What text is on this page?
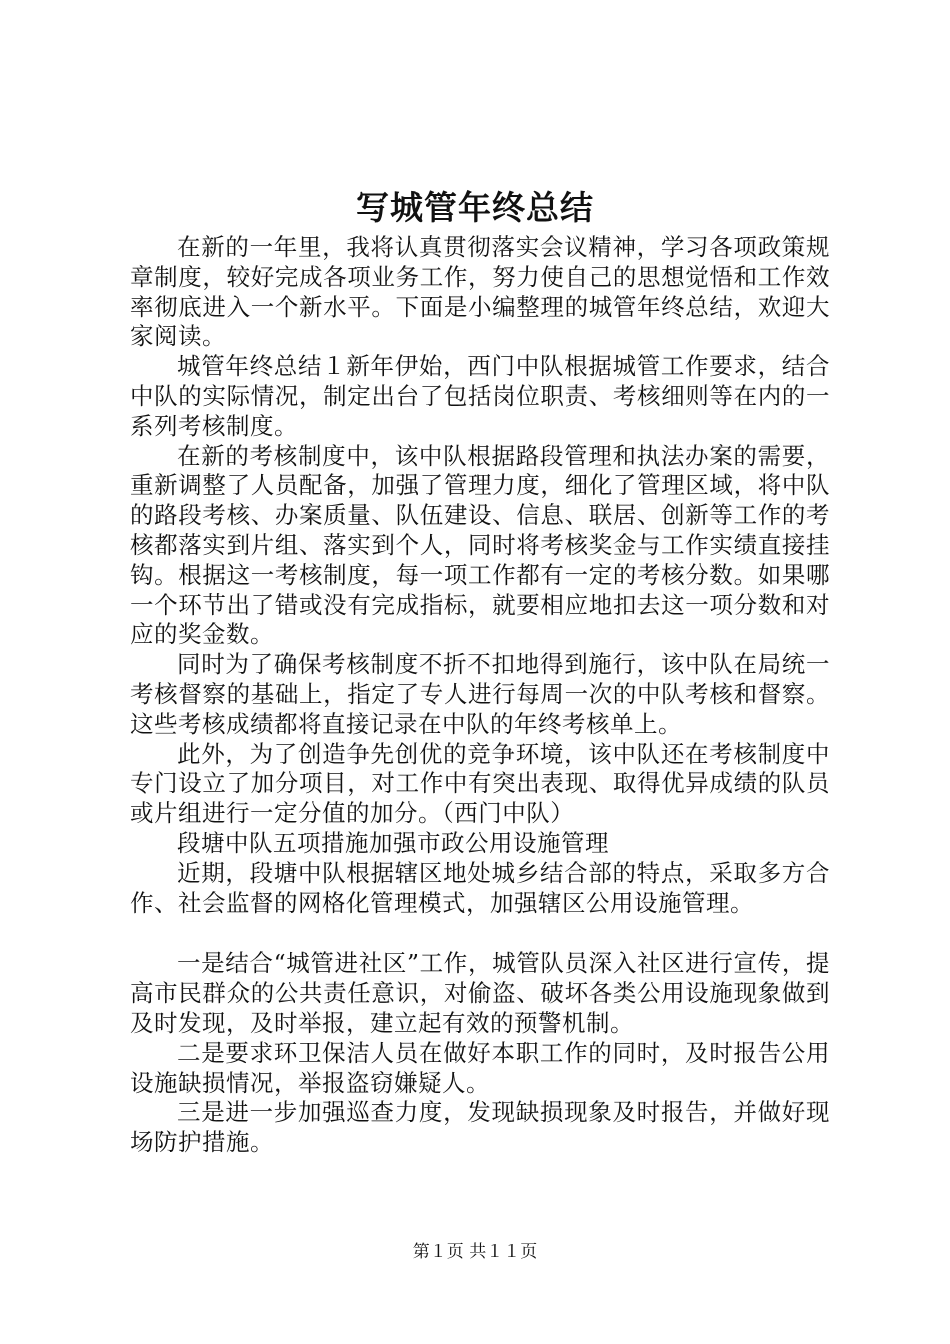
写城管年终总结

在新的一年里，我将认真贯彻落实会议精神，学习各项政策规章制度，较好完成各项业务工作，努力使自己的思想觉悟和工作效率彻底进入一个新水平。下面是小编整理的城管年终总结，欢迎大家阅读。

城管年终总结１新年伊始，西门中队根据城管工作要求，结合中队的实际情况，制定出台了包括岗位职责、考核细则等在内的一系列考核制度。

在新的考核制度中，该中队根据路段管理和执法办案的需要，重新调整了人员配备，加强了管理力度，细化了管理区域，将中队的路段考核、办案质量、队伍建设、信息、联居、创新等工作的考核都落实到片组、落实到个人，同时将考核奖金与工作实绩直接挂钩。根据这一考核制度，每一项工作都有一定的考核分数。如果哪一个环节出了错或没有完成指标，就要相应地扣去这一项分数和对应的奖金数。

同时为了确保考核制度不折不扣地得到施行，该中队在局统一考核督察的基础上，指定了专人进行每周一次的中队考核和督察。这些考核成绩都将直接记录在中队的年终考核单上。

此外，为了创造争先创优的竞争环境，该中队还在考核制度中专门设立了加分项目，对工作中有突出表现、取得优异成绩的队员或片组进行一定分值的加分。（西门中队）

段塘中队五项措施加强市政公用设施管理

近期，段塘中队根据辖区地处城乡结合部的特点，采取多方合作、社会监督的网格化管理模式，加强辖区公用设施管理。

一是结合“城管进社区”工作，城管队员深入社区进行宣传，提高市民群众的公共责任意识，对偷盗、破坏各类公用设施现象做到及时发现，及时举报，建立起有效的预警机制。

二是要求环卫保洁人员在做好本职工作的同时，及时报告公用设施缺损情况，举报盗窃嫌疑人。

三是进一步加强巡查力度，发现缺损现象及时报告，并做好现场防护措施。

第１页 共１１页
